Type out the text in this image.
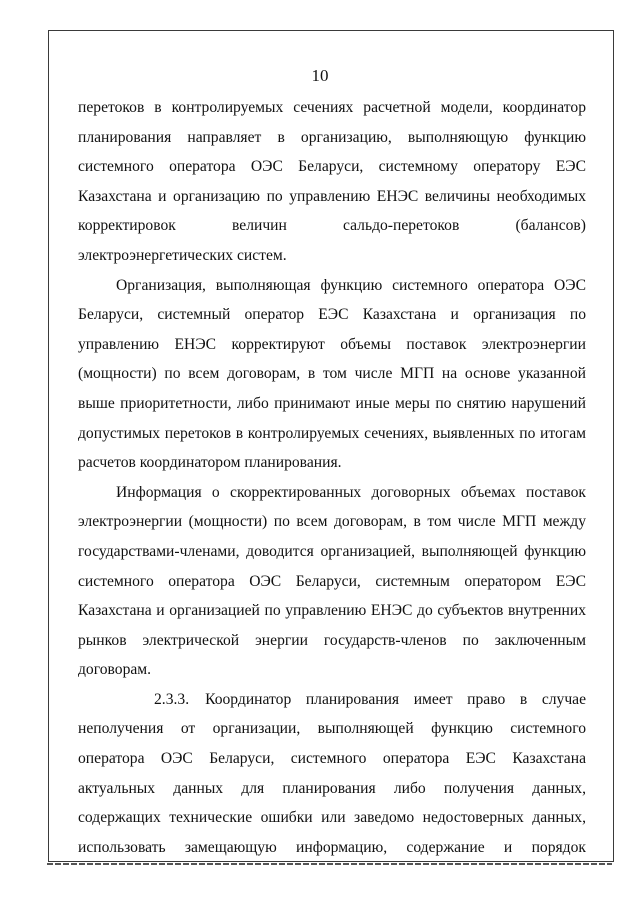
10

перетоков в контролируемых сечениях расчетной модели, координатор планирования направляет в организацию, выполняющую функцию системного оператора ОЭС Беларуси, системному оператору ЕЭС Казахстана и организацию по управлению ЕНЭС величины необходимых корректировок величин сальдо-перетоков (балансов) электроэнергетических систем.

Организация, выполняющая функцию системного оператора ОЭС Беларуси, системный оператор ЕЭС Казахстана и организация по управлению ЕНЭС корректируют объемы поставок электроэнергии (мощности) по всем договорам, в том числе МГП на основе указанной выше приоритетности, либо принимают иные меры по снятию нарушений допустимых перетоков в контролируемых сечениях, выявленных по итогам расчетов координатором планирования.

Информация о скорректированных договорных объемах поставок электроэнергии (мощности) по всем договорам, в том числе МГП между государствами-членами, доводится организацией, выполняющей функцию системного оператора ОЭС Беларуси, системным оператором ЕЭС Казахстана и организацией по управлению ЕНЭС до субъектов внутренних рынков электрической энергии государств-членов по заключенным договорам.

2.3.3. Координатор планирования имеет право в случае неполучения от организации, выполняющей функцию системного оператора ОЭС Беларуси, системного оператора ЕЭС Казахстана актуальных данных для планирования либо получения данных, содержащих технические ошибки или заведомо недостоверных данных, использовать замещающую информацию, содержание и порядок
